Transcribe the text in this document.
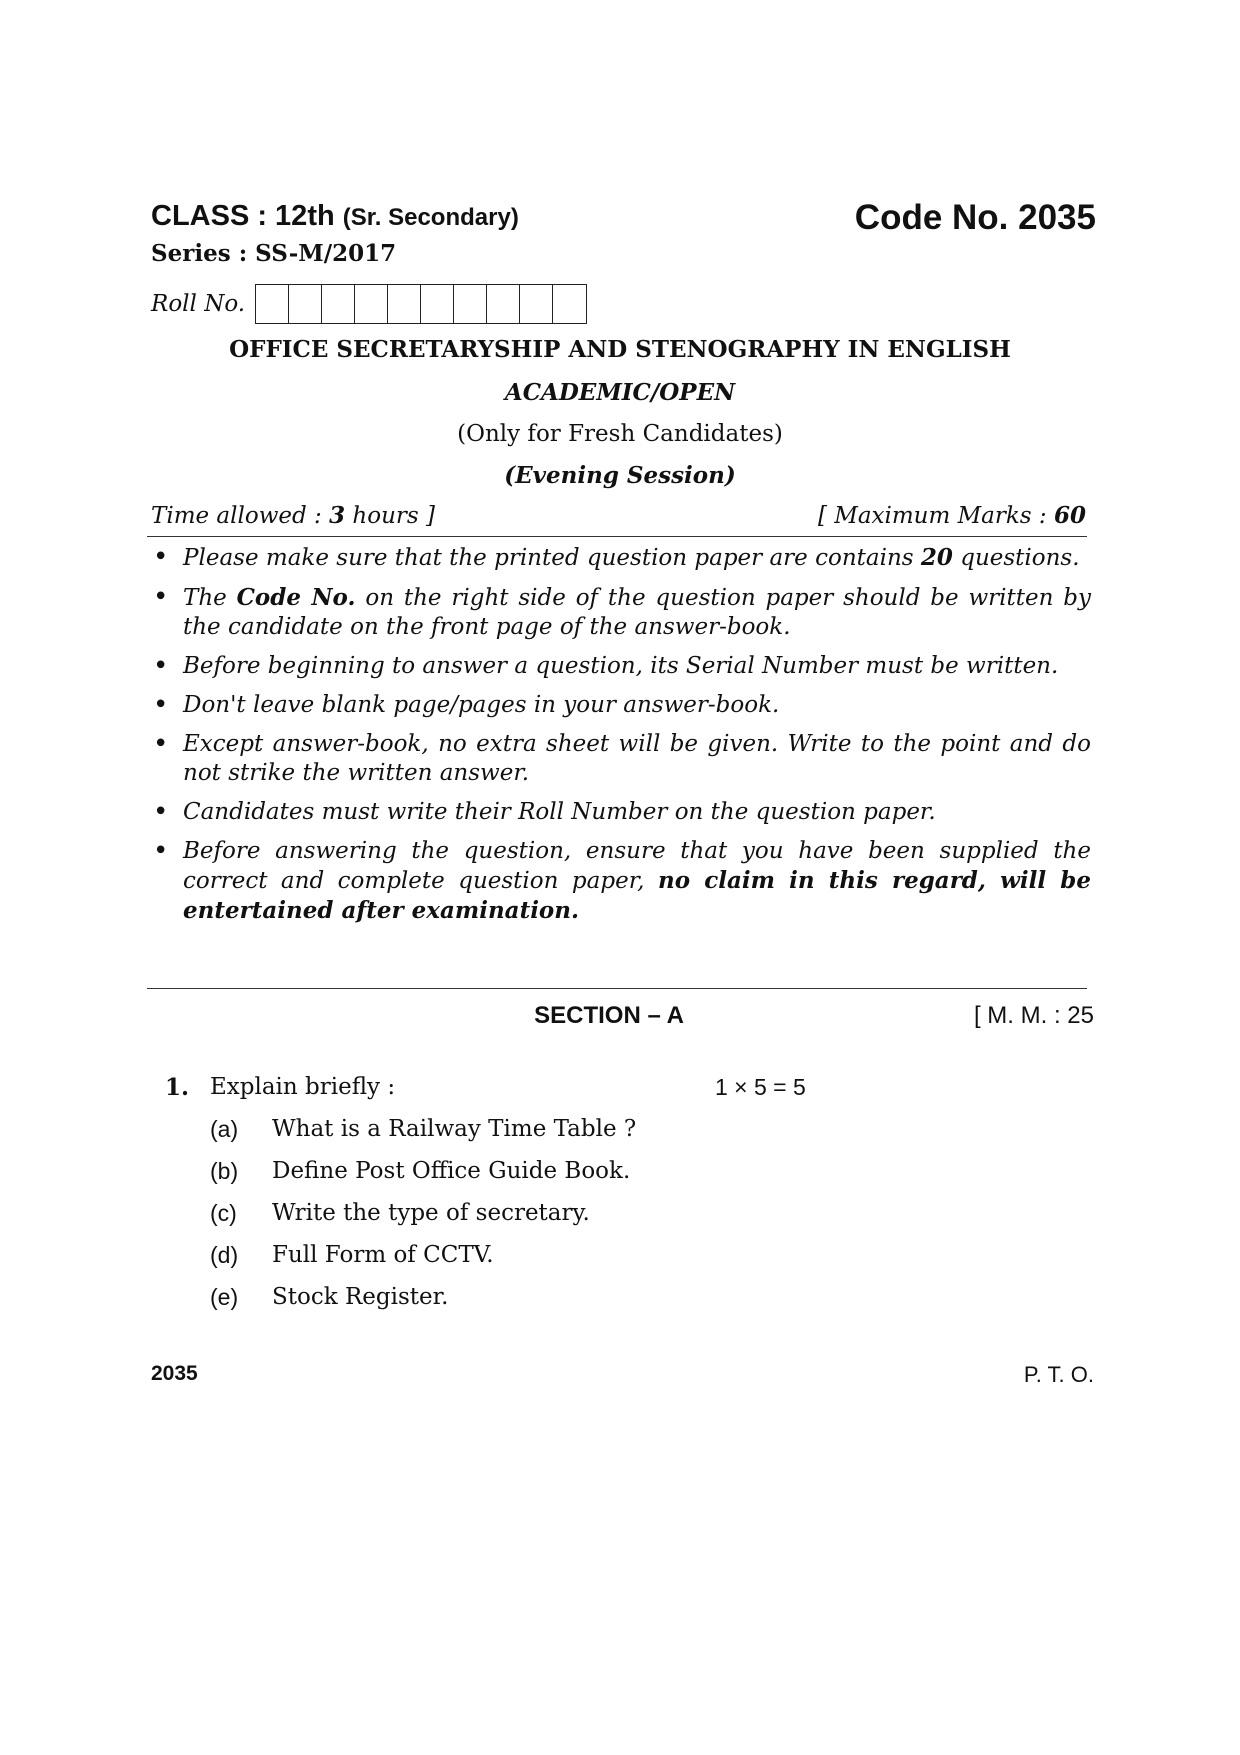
CLASS : 12th (Sr. Secondary)	Code No. 2035
Series : SS-M/2017
Roll No.
OFFICE SECRETARYSHIP AND STENOGRAPHY IN ENGLISH
ACADEMIC/OPEN
(Only for Fresh Candidates)
(Evening Session)
Time allowed : 3 hours ]	[ Maximum Marks : 60
• Please make sure that the printed question paper are contains 20 questions.
• The Code No. on the right side of the question paper should be written by the candidate on the front page of the answer-book.
• Before beginning to answer a question, its Serial Number must be written.
• Don't leave blank page/pages in your answer-book.
• Except answer-book, no extra sheet will be given. Write to the point and do not strike the written answer.
• Candidates must write their Roll Number on the question paper.
• Before answering the question, ensure that you have been supplied the correct and complete question paper, no claim in this regard, will be entertained after examination.
SECTION – A	[ M. M. : 25
1. Explain briefly :	1 × 5 = 5
(a)	What is a Railway Time Table ?
(b)	Define Post Office Guide Book.
(c)	Write the type of secretary.
(d)	Full Form of CCTV.
(e)	Stock Register.
2035	P. T. O.
